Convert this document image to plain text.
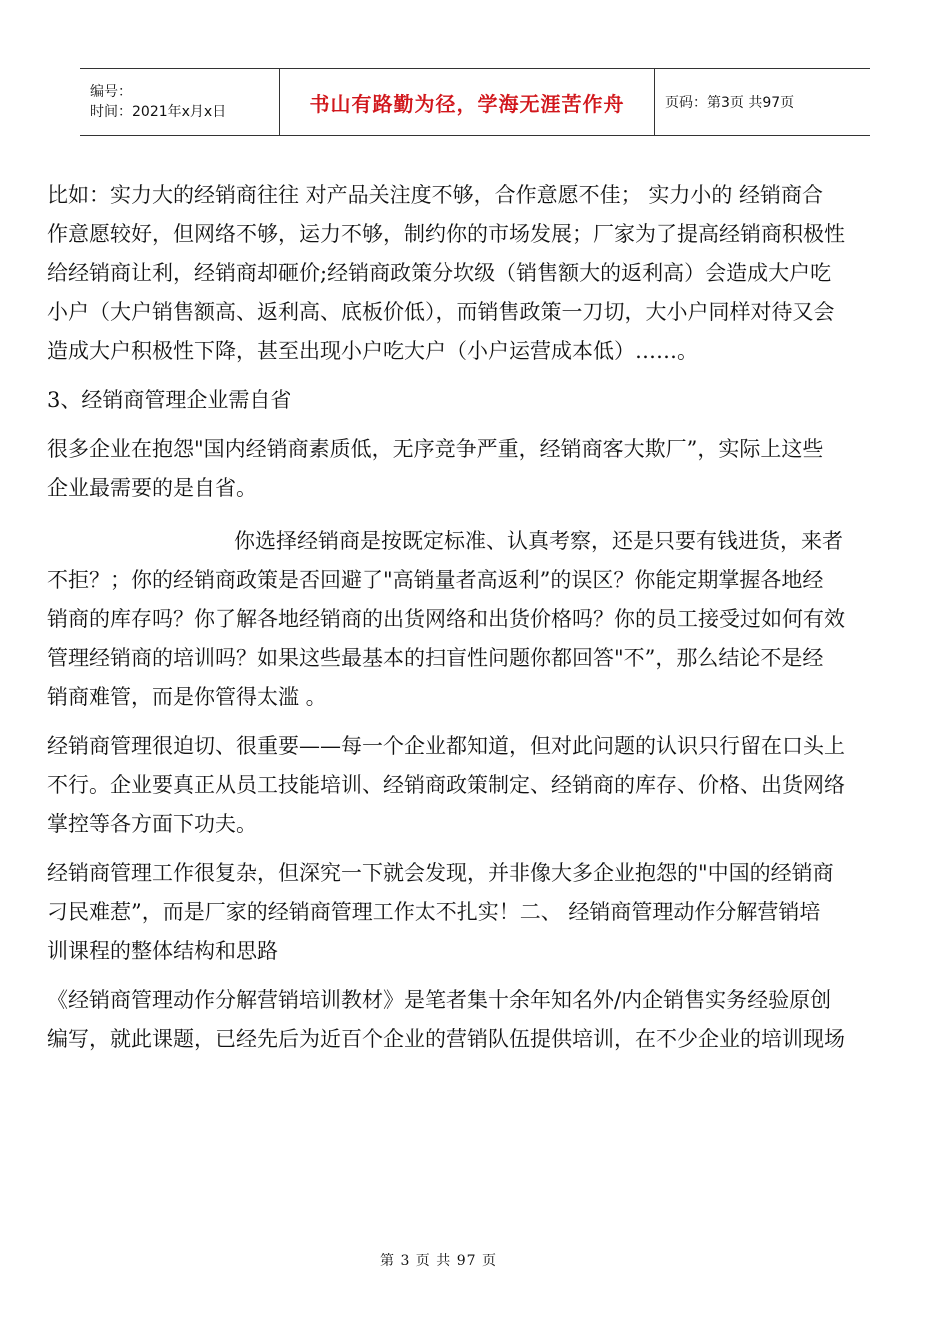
编号：
时间：2021年x月x日	书山有路勤为径，学海无涯苦作舟	页码：第3页 共97页

比如：实力大的经销商往往 对产品关注度不够，合作意愿不佳； 实力小的 经销商合

作意愿较好，但网络不够，运力不够，制约你的市场发展；厂家为了提高经销商积极性

给经销商让利，经销商却砸价;经销商政策分坎级（销售额大的返利高）会造成大户吃

小户（大户销售额高、返利高、底板价低），而销售政策一刀切，大小户同样对待又会

造成大户积极性下降，甚至出现小户吃大户（小户运营成本低）……。

3、经销商管理企业需自省

很多企业在抱怨"国内经销商素质低，无序竞争严重，经销商客大欺厂”，实际上这些

企业最需要的是自省。

你选择经销商是按既定标准、认真考察，还是只要有钱进货，来者

不拒？；你的经销商政策是否回避了"高销量者高返利”的误区？你能定期掌握各地经

销商的库存吗？你了解各地经销商的出货网络和出货价格吗？你的员工接受过如何有效

管理经销商的培训吗？如果这些最基本的扫盲性问题你都回答"不”，那么结论不是经

销商难管，而是你管得太滥 。

经销商管理很迫切、很重要——每一个企业都知道，但对此问题的认识只行留在口头上

不行。企业要真正从员工技能培训、经销商政策制定、经销商的库存、价格、出货网络

掌控等各方面下功夫。

经销商管理工作很复杂，但深究一下就会发现，并非像大多企业抱怨的"中国的经销商

刁民难惹”，而是厂家的经销商管理工作太不扎实！二、 经销商管理动作分解营销培

训课程的整体结构和思路

《经销商管理动作分解营销培训教材》是笔者集十余年知名外/内企销售实务经验原创

编写，就此课题，已经先后为近百个企业的营销队伍提供培训，在不少企业的培训现场

第 3 页 共 97 页
